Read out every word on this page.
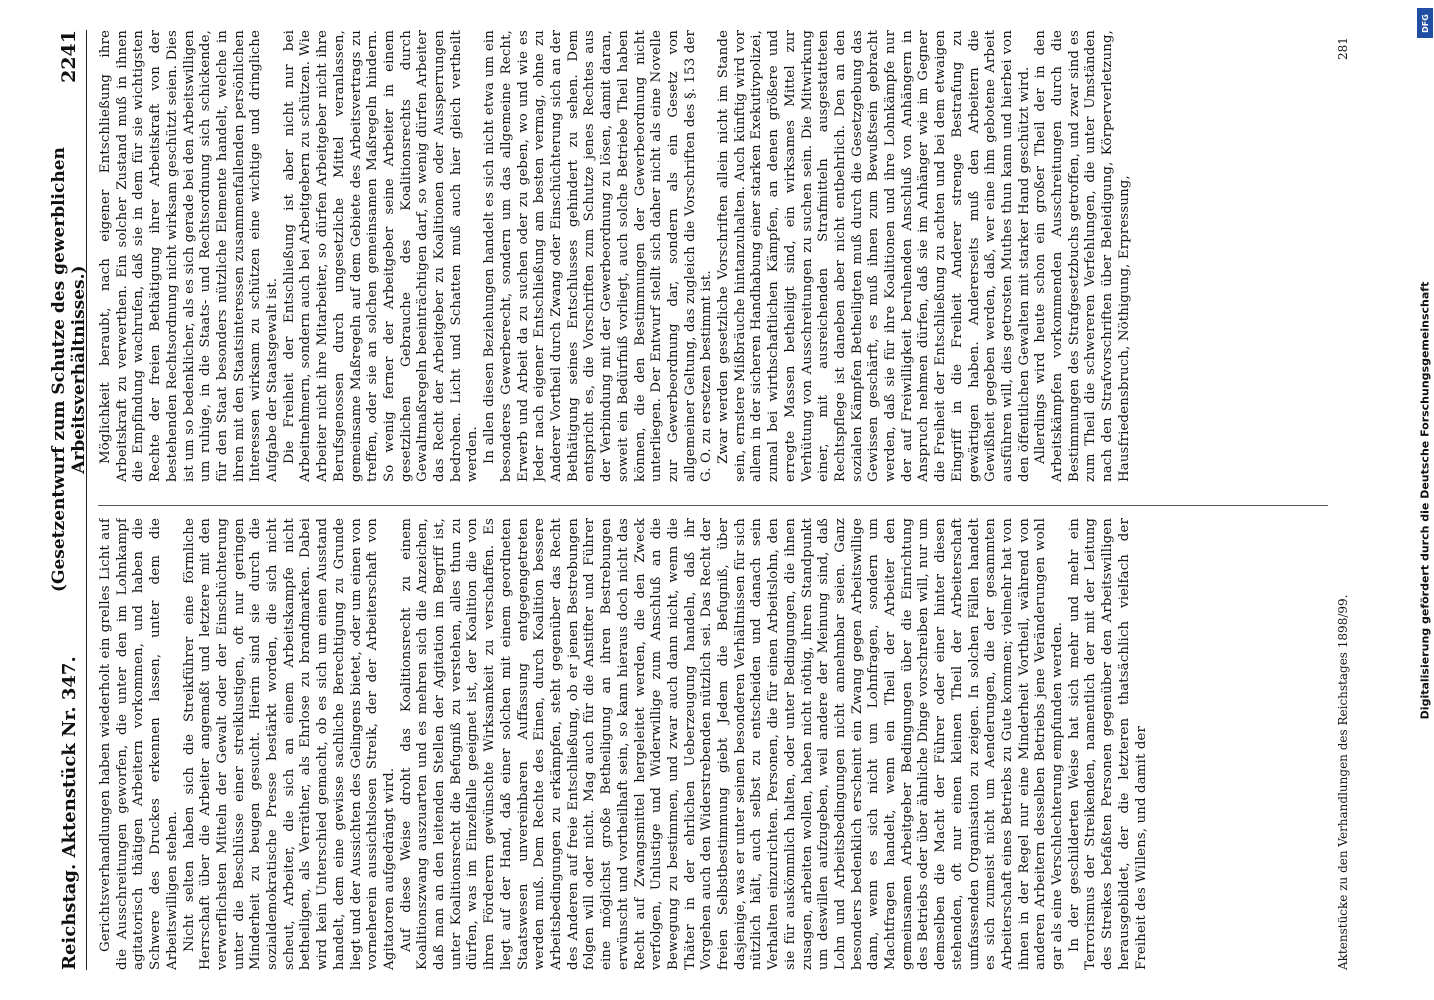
Reichstag. Aktenstück Nr. 347.
(Gesetzentwurf zum Schutze des gewerblichen Arbeitsverhältnisses.)
2241

Gerichtsverhandlungen haben wiederholt ein grelles Licht auf die Ausschreitungen geworfen, die unter den im Lohnkampf agitatorisch thätigen Arbeitern vorkommen, und haben die Schwere des Druckes erkennen lassen, unter dem die Arbeitswilligen stehen. Nicht selten haben sich die Streikführer eine förmliche Herrschaft über die Arbeiter angemaßt und letztere mit den verwerflichsten Mitteln der Gewalt oder der Einschüchterung unter die Beschlüsse einer streiklustigen, oft nur geringen Minderheit zu beugen gesucht. Hierin sind sie durch die sozialdemokratische Presse bestärkt worden, die sich nicht scheut, Arbeiter, die sich an einem Arbeitskampfe nicht betheiligen, als Verräther, als Ehrlose zu brandmarken. Dabei wird kein Unterschied gemacht, ob es sich um einen Ausstand handelt, dem eine gewisse sachliche Berechtigung zu Grunde liegt und der Aussichten des Gelingens bietet, oder um einen von vorneherein aussichtslosen Streik, der der Arbeiterschaft von Agitatoren aufgedrängt wird. Auf diese Weise droht das Koalitionsrecht zu einem Koalitionszwang auszuarten und es mehren sich die Anzeichen, daß man an den leitenden Stellen der Agitation im Begriff ist, unter Koalitionsrecht die Befugniß zu verstehen, alles thun zu dürfen, was im Einzelfalle geeignet ist, der Koalition die von ihren Förderern gewünschte Wirksamkeit zu verschaffen. Es liegt auf der Hand, daß einer solchen mit einem geordneten Staatswesen unvereinbaren Auffassung entgegengetreten werden muß. Dem Rechte des Einen, durch Koalition bessere Arbeitsbedingungen zu erkämpfen, steht gegenüber das Recht des Anderen auf freie Entschließung, ob er jenen Bestrebungen folgen will oder nicht. Mag auch für die Anstifter und Führer eine möglichst große Betheiligung an ihren Bestrebungen erwünscht und vortheilhaft sein, so kann hieraus doch nicht das Recht auf Zwangsmittel hergeleitet werden, die den Zweck verfolgen, Unlustige und Widerwillige zum Anschluß an die Bewegung zu bestimmen, und zwar auch dann nicht, wenn die Thäter in der ehrlichen Ueberzeugung handeln, daß ihr Vorgehen auch den Widerstrebenden nützlich sei. Das Recht der freien Selbstbestimmung giebt Jedem die Befugniß, über dasjenige, was er unter seinen besonderen Verhältnissen für sich nützlich hält, auch selbst zu entscheiden und danach sein Verhalten einzurichten. Personen, die für einen Arbeitslohn, den sie für auskömmlich halten, oder unter Bedingungen, die ihnen zusagen, arbeiten wollen, haben nicht nöthig, ihren Standpunkt um deswillen aufzugeben, weil andere der Meinung sind, daß Lohn und Arbeitsbedingungen nicht annehmbar seien. Ganz besonders bedenklich erscheint ein Zwang gegen Arbeitswillige dann, wenn es sich nicht um Lohnfragen, sondern um Machtfragen handelt, wenn ein Theil der Arbeiter den gemeinsamen Arbeitgeber Bedingungen über die Einrichtung des Betriebs oder über ähnliche Dinge vorschreiben will, nur um demselben die Macht der Führer oder einer hinter diesen stehenden, oft nur einen kleinen Theil der Arbeiterschaft umfassenden Organisation zu zeigen. In solchen Fällen handelt es sich zumeist nicht um Aenderungen, die der gesammten Arbeiterschaft eines Betriebs zu Gute kommen; vielmehr hat von ihnen in der Regel nur eine Minderheit Vortheil, während von anderen Arbeitern desselben Betriebs jene Veränderungen wohl gar als eine Verschlechterung empfunden werden. In der geschilderten Weise hat sich mehr und mehr ein Terrorismus der Streikenden, namentlich der mit der Leitung des Streikes befaßten Personen gegenüber den Arbeitswilligen herausgebildet, der die letzteren thatsächlich vielfach der Freiheit des Willens, und damit der

Möglichkeit beraubt, nach eigener Entschließung ihre Arbeitskraft zu verwerthen. Ein solcher Zustand muß in ihnen die Empfindung wachrufen, daß sie in dem für sie wichtigsten Rechte der freien Bethätigung ihrer Arbeitskraft von der bestehenden Rechtsordnung nicht wirksam geschützt seien. Dies ist um so bedenklicher, als es sich gerade bei den Arbeitswilligen um ruhige, in die Staats- und Rechtsordnung sich schickende, für den Staat besonders nützliche Elemente handelt, welche in ihren mit den Staatsinteressen zusammenfallenden persönlichen Interessen wirksam zu schützen eine wichtige und dringliche Aufgabe der Staatsgewalt ist. Die Freiheit der Entschließung ist aber nicht nur bei Arbeitnehmern, sondern auch bei Arbeitgebern zu schützen. Wie Arbeiter nicht ihre Mitarbeiter, so dürfen Arbeitgeber nicht ihre Berufsgenossen durch ungesetzliche Mittel veranlassen, gemeinsame Maßregeln auf dem Gebiete des Arbeitsvertrags zu treffen, oder sie an solchen gemeinsamen Maßregeln hindern. So wenig ferner der Arbeitgeber seine Arbeiter in einem gesetzlichen Gebrauche des Koalitionsrechts durch Gewaltmaßregeln beeinträchtigen darf, so wenig dürfen Arbeiter das Recht der Arbeitgeber zu Koalitionen oder Aussperrungen bedrohen. Licht und Schatten muß auch hier gleich vertheilt werden. In allen diesen Beziehungen handelt es sich nicht etwa um ein besonderes Gewerberecht, sondern um das allgemeine Recht, Erwerb und Arbeit da zu suchen oder zu geben, wo und wie es Jeder nach eigener Entschließung am besten vermag, ohne zu Anderer Vortheil durch Zwang oder Einschüchterung sich an der Bethätigung seines Entschlusses gehindert zu sehen. Dem entspricht es, die Vorschriften zum Schutze jenes Rechtes aus der Verbindung mit der Gewerbeordnung zu lösen, damit daran, soweit ein Bedürfniß vorliegt, auch solche Betriebe Theil haben können, die den Bestimmungen der Gewerbeordnung nicht unterliegen. Der Entwurf stellt sich daher nicht als eine Novelle zur Gewerbeordnung dar, sondern als ein Gesetz von allgemeiner Geltung, das zugleich die Vorschriften des §. 153 der G. O. zu ersetzen bestimmt ist. Zwar werden gesetzliche Vorschriften allein nicht im Stande sein, ernstere Mißbräuche hintanzuhalten. Auch künftig wird vor allem in der sicheren Handhabung einer starken Exekutivpolizei, zumal bei wirthschaftlichen Kämpfen, an denen größere und erregte Massen betheiligt sind, ein wirksames Mittel zur Verhütung von Ausschreitungen zu suchen sein. Die Mitwirkung einer, mit ausreichenden Strafmitteln ausgestatteten Rechtspflege ist daneben aber nicht entbehrlich. Den an den sozialen Kämpfen Betheiligten muß durch die Gesetzgebung das Gewissen geschärft, es muß ihnen zum Bewußtsein gebracht werden, daß sie für ihre Koalitionen und ihre Lohnkämpfe nur der auf Freiwilligkeit beruhenden Anschluß von Anhängern in Anspruch nehmen dürfen, daß sie im Anhänger wie im Gegner die Freiheit der Entschließung zu achten und bei dem etwaigen Eingriff in die Freiheit Anderer strenge Bestrafung zu gewärtigen haben. Andererseits muß den Arbeitern die Gewißheit gegeben werden, daß, wer eine ihm gebotene Arbeit ausführen will, dies getrosten Muthes thun kann und hierbei von den öffentlichen Gewalten mit starker Hand geschützt wird. Allerdings wird heute schon ein großer Theil der in den Arbeitskämpfen vorkommenden Ausschreitungen durch die Bestimmungen des Strafgesetzbuchs getroffen, und zwar sind es zum Theil die schwereren Verfehlungen, die unter Umständen nach den Strafvorschriften über Beleidigung, Körperverletzung, Hausfriedensbruch, Nöthigung, Erpressung,

Aktenstücke zu den Verhandlungen des Reichstages 1898/99.
281
DFG
Digitalisierung gefördert durch die Deutsche Forschungsgemeinschaft
